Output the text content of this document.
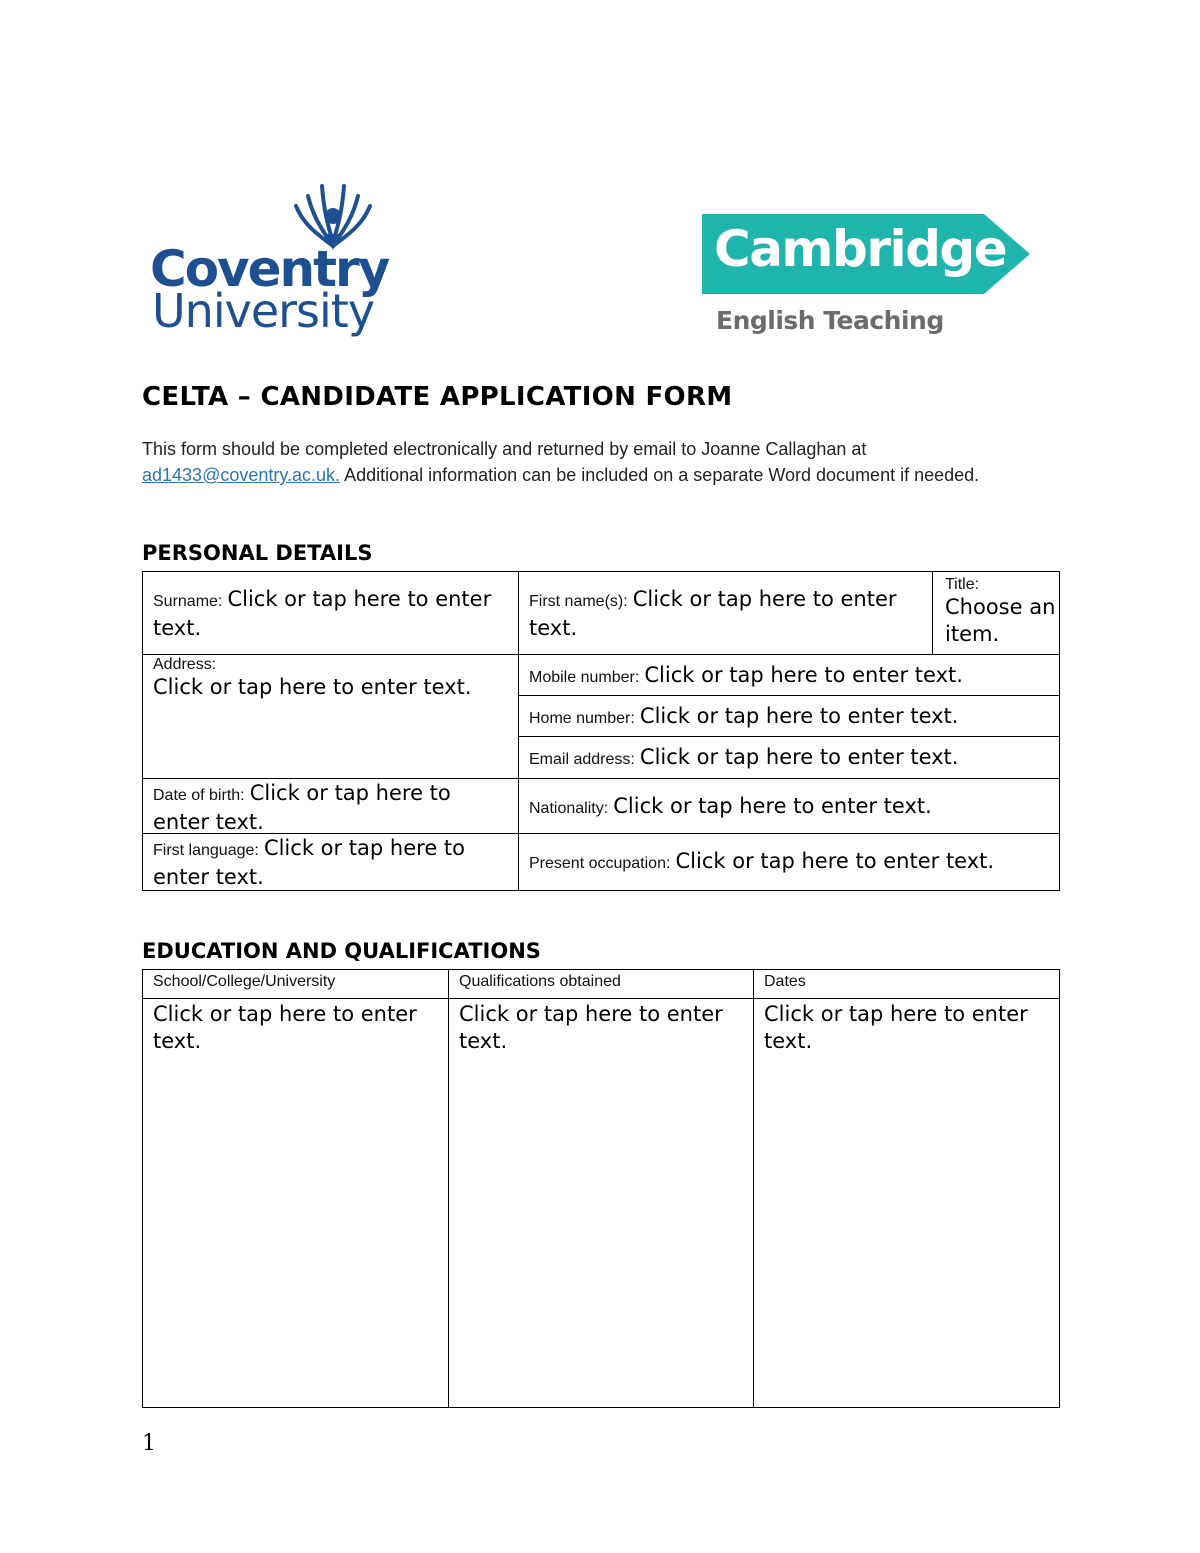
Coventry
University
Cambridge
English Teaching
CELTA – CANDIDATE APPLICATION FORM
This form should be completed electronically and returned by email to Joanne Callaghan at ad1433@coventry.ac.uk. Additional information can be included on a separate Word document if needed.
PERSONAL DETAILS
Surname: Click or tap here to enter text.
First name(s): Click or tap here to enter text.
Title:
Choose an item.
Address:
Click or tap here to enter text.	Mobile number: Click or tap here to enter text.
Home number: Click or tap here to enter text.
Email address: Click or tap here to enter text.
Date of birth: Click or tap here to enter text.
Nationality: Click or tap here to enter text.
First language: Click or tap here to enter text.
Present occupation: Click or tap here to enter text.
EDUCATION AND QUALIFICATIONS
School/College/University	Qualifications obtained	Dates
Click or tap here to enter text.
Click or tap here to enter text.
Click or tap here to enter text.
1
